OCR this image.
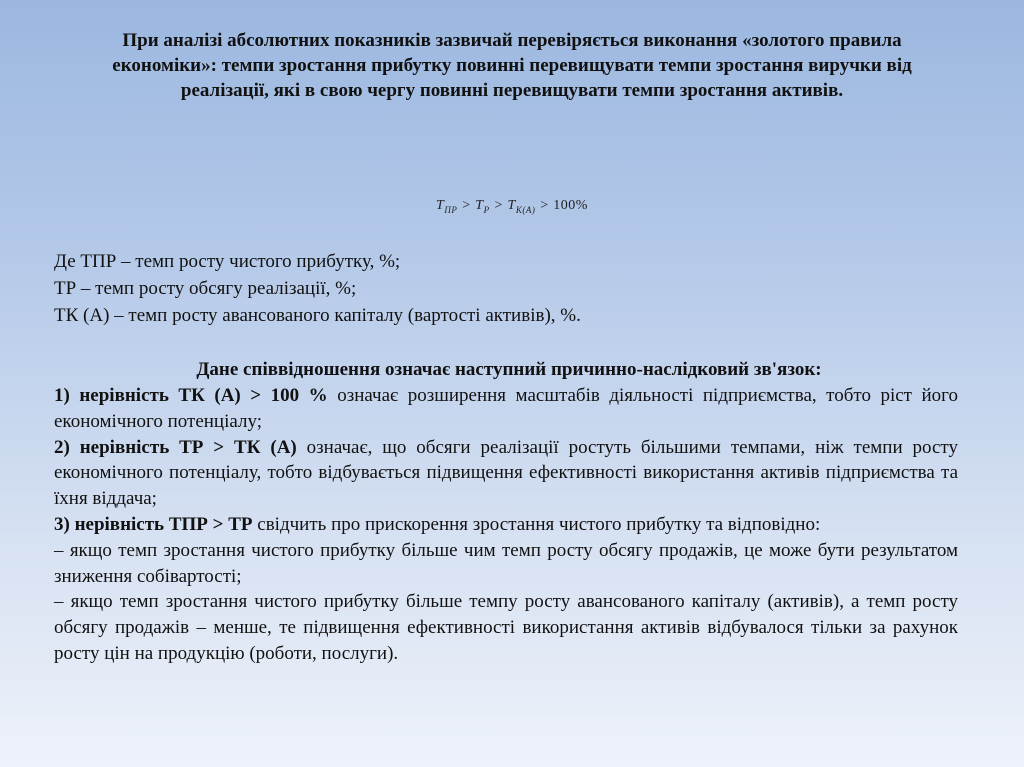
При аналізі абсолютних показників зазвичай перевіряється виконання «золотого правила економіки»: темпи зростання прибутку повинні перевищувати темпи зростання виручки від реалізації, які в свою чергу повинні перевищувати темпи зростання активів.
$T_{ПР} > T_P > T_{K(A)} > 100\%$
Де ТПР – темп росту чистого прибутку, %;
ТР – темп росту обсягу реалізації, %;
ТК (А) – темп росту авансованого капіталу (вартості активів), %.
Дане співвідношення означає наступний причинно-наслідковий зв'язок:

1) нерівність ТК (А) > 100 % означає розширення масштабів діяльності підприємства, тобто ріст його економічного потенціалу;

2) нерівність ТР > ТК (А) означає, що обсяги реалізації ростуть більшими темпами, ніж темпи росту економічного потенціалу, тобто відбувається підвищення ефективності використання активів підприємства та їхня віддача;

3) нерівність ТПР > ТР свідчить про прискорення зростання чистого прибутку та відповідно:

– якщо темп зростання чистого прибутку більше чим темп росту обсягу продажів, це може бути результатом зниження собівартості;

– якщо темп зростання чистого прибутку більше темпу росту авансованого капіталу (активів), а темп росту обсягу продажів – менше, те підвищення ефективності використання активів відбувалося тільки за рахунок росту цін на продукцію (роботи, послуги).
